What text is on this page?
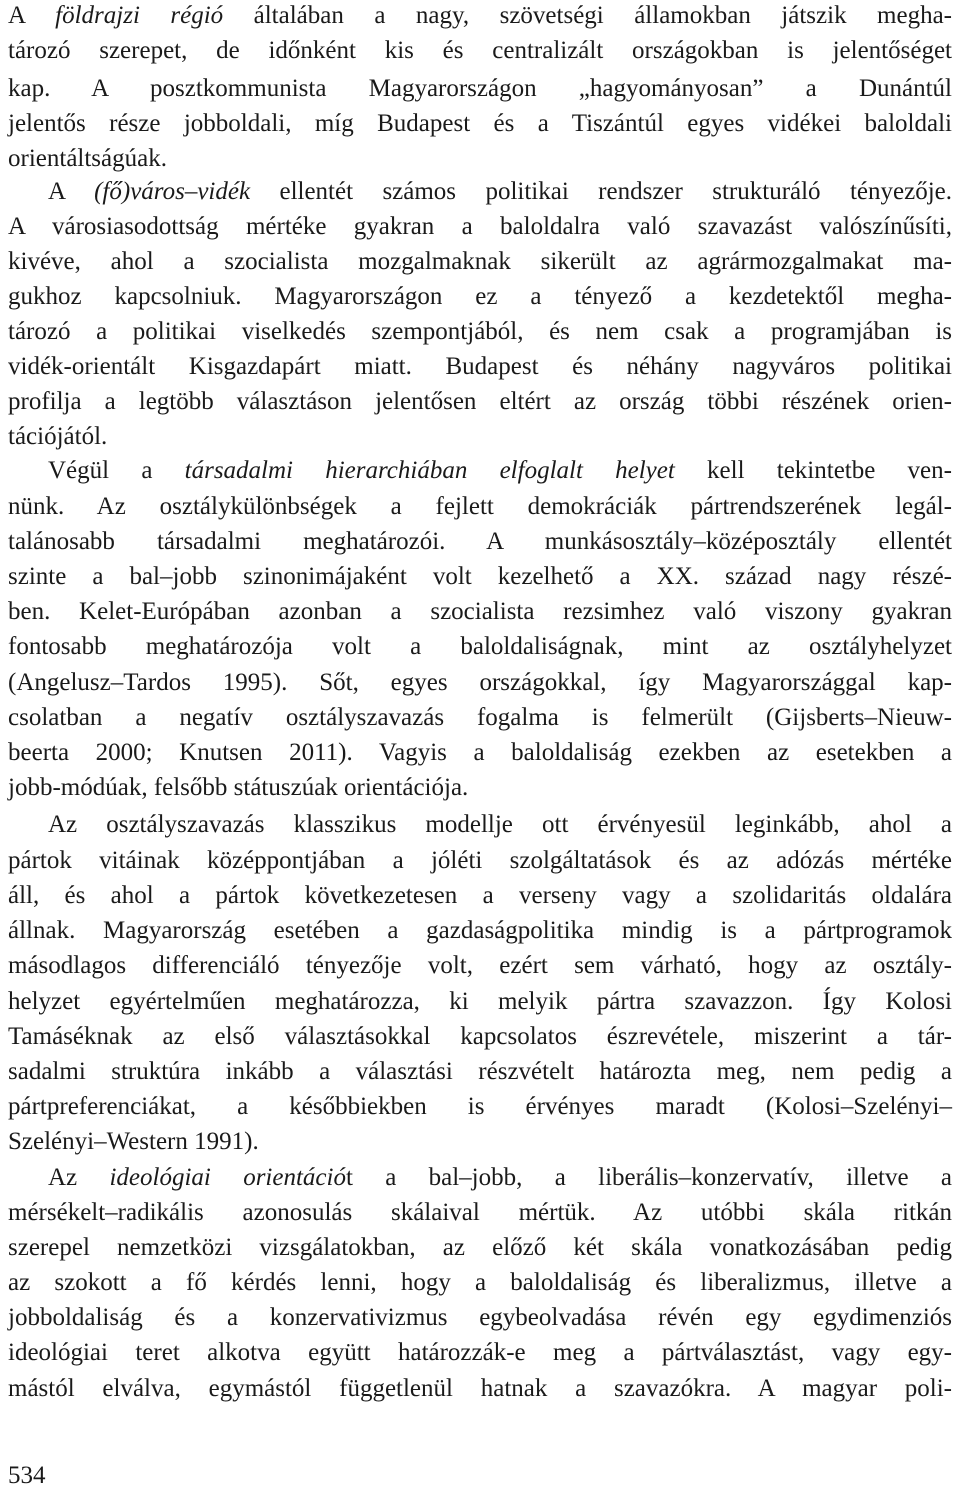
A földrajzi régió általában a nagy, szövetségi államokban játszik megha-

tározó szerepet, de időnként kis és centralizált országokban is jelentőséget

kap. A posztkommunista Magyarországon „hagyományosan” a Dunántúl

jelentős része jobboldali, míg Budapest és a Tiszántúl egyes vidékei baloldali

orientáltságúak.

A (fő)város–vidék ellentét számos politikai rendszer strukturáló tényezője.

A városiasodottság mértéke gyakran a baloldalra való szavazást valószínűsíti,

kivéve, ahol a szocialista mozgalmaknak sikerült az agrármozgalmakat ma-

gukhoz kapcsolniuk. Magyarországon ez a tényező a kezdetektől megha-

tározó a politikai viselkedés szempontjából, és nem csak a programjában is

vidék-orientált Kisgazdapárt miatt. Budapest és néhány nagyváros politikai

profilja a legtöbb választáson jelentősen eltért az ország többi részének orien-

tációjától.

Végül a társadalmi hierarchiában elfoglalt helyet kell tekintetbe ven-

nünk. Az osztálykülönbségek a fejlett demokráciák pártrendszerének legál-

talánosabb társadalmi meghatározói. A munkásosztály–középosztály ellentét

szinte a bal–jobb szinonimájaként volt kezelhető a XX. század nagy részé-

ben. Kelet-Európában azonban a szocialista rezsimhez való viszony gyakran

fontosabb meghatározója volt a baloldaliságnak, mint az osztályhelyzet

(Angelusz–Tardos 1995). Sőt, egyes országokkal, így Magyarországgal kap-

csolatban a negatív osztályszavazás fogalma is felmerült (Gijsberts–Nieuw-

beerta 2000; Knutsen 2011). Vagyis a baloldaliság ezekben az esetekben a

jobb-módúak, felsőbb státuszúak orientációja.

Az osztályszavazás klasszikus modellje ott érvényesül leginkább, ahol a

pártok vitáinak középpontjában a jóléti szolgáltatások és az adózás mértéke

áll, és ahol a pártok következetesen a verseny vagy a szolidaritás oldalára

állnak. Magyarország esetében a gazdaságpolitika mindig is a pártprogramok

másodlagos differenciáló tényezője volt, ezért sem várható, hogy az osztály-

helyzet egyértelműen meghatározza, ki melyik pártra szavazzon. Így Kolosi

Tamáséknak az első választásokkal kapcsolatos észrevétele, miszerint a tár-

sadalmi struktúra inkább a választási részvételt határozta meg, nem pedig a

pártpreferenciákat, a későbbiekben is érvényes maradt (Kolosi–Szelényi–

Szelényi–Western 1991).

Az ideológiai orientációt a bal–jobb, a liberális–konzervatív, illetve a

mérsékelt–radikális azonosulás skálaival mértük. Az utóbbi skála ritkán

szerepel nemzetközi vizsgálatokban, az előző két skála vonatkozásában pedig

az szokott a fő kérdés lenni, hogy a baloldaliság és liberalizmus, illetve a

jobboldaliság és a konzervativizmus egybeolvadása révén egy egydimenziós

ideológiai teret alkotva együtt határozzák-e meg a pártválasztást, vagy egy-

mástól elválva, egymástól függetlenül hatnak a szavazókra. A magyar poli-

534
